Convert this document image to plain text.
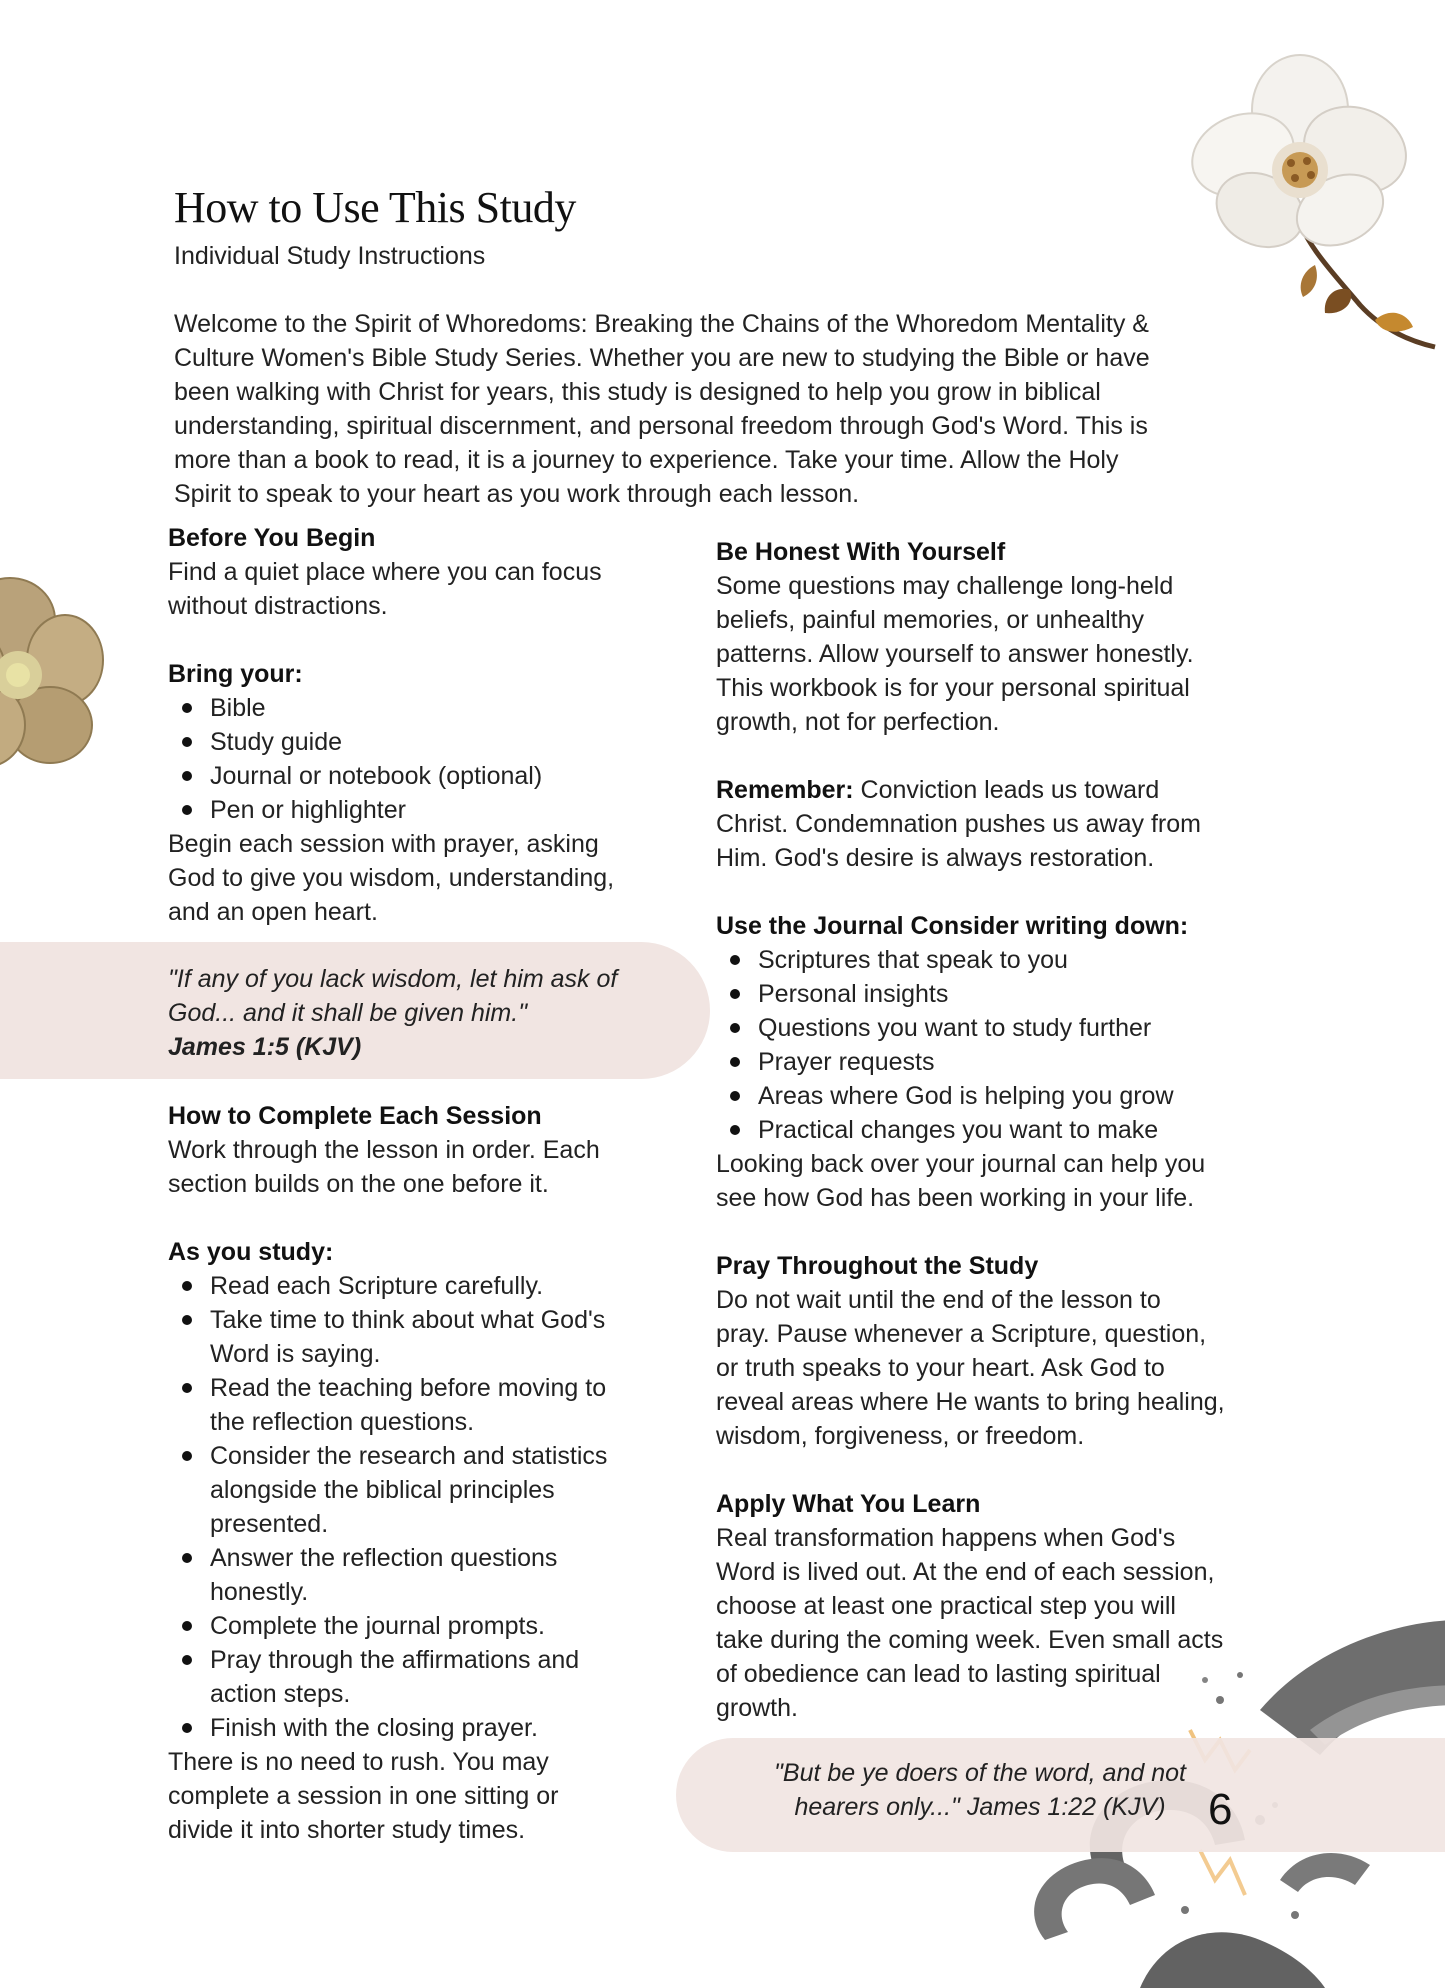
How to Use This Study
Individual Study Instructions
Welcome to the Spirit of Whoredoms: Breaking the Chains of the Whoredom Mentality &
Culture Women's Bible Study Series. Whether you are new to studying the Bible or have
been walking with Christ for years, this study is designed to help you grow in biblical
understanding, spiritual discernment, and personal freedom through God's Word. This is
more than a book to read, it is a journey to experience. Take your time. Allow the Holy
Spirit to speak to your heart as you work through each lesson.
Before You Begin
Find a quiet place where you can focus
without distractions.
Bring your:
Bible
Study guide
Journal or notebook (optional)
Pen or highlighter
Begin each session with prayer, asking
God to give you wisdom, understanding,
and an open heart.
How to Complete Each Session
Work through the lesson in order. Each
section builds on the one before it.
As you study:
Read each Scripture carefully.
Take time to think about what God's
Word is saying.
Read the teaching before moving to
the reflection questions.
Consider the research and statistics
alongside the biblical principles
presented.
Answer the reflection questions
honestly.
Complete the journal prompts.
Pray through the affirmations and
action steps.
Finish with the closing prayer.
There is no need to rush. You may
complete a session in one sitting or
divide it into shorter study times.
"If any of you lack wisdom, let him ask of
God... and it shall be given him."
James 1:5 (KJV)
Be Honest With Yourself
Some questions may challenge long-held
beliefs, painful memories, or unhealthy
patterns. Allow yourself to answer honestly.
This workbook is for your personal spiritual
growth, not for perfection.
Remember: Conviction leads us toward
Christ. Condemnation pushes us away from
Him. God's desire is always restoration.
Use the Journal Consider writing down:
Scriptures that speak to you
Personal insights
Questions you want to study further
Prayer requests
Areas where God is helping you grow
Practical changes you want to make
Looking back over your journal can help you
see how God has been working in your life.
Pray Throughout the Study
Do not wait until the end of the lesson to
pray. Pause whenever a Scripture, question,
or truth speaks to your heart. Ask God to
reveal areas where He wants to bring healing,
wisdom, forgiveness, or freedom.
Apply What You Learn
Real transformation happens when God's
Word is lived out. At the end of each session,
choose at least one practical step you will
take during the coming week. Even small acts
of obedience can lead to lasting spiritual
growth.
"But be ye doers of the word, and not
hearers only..." James 1:22 (KJV) 6
